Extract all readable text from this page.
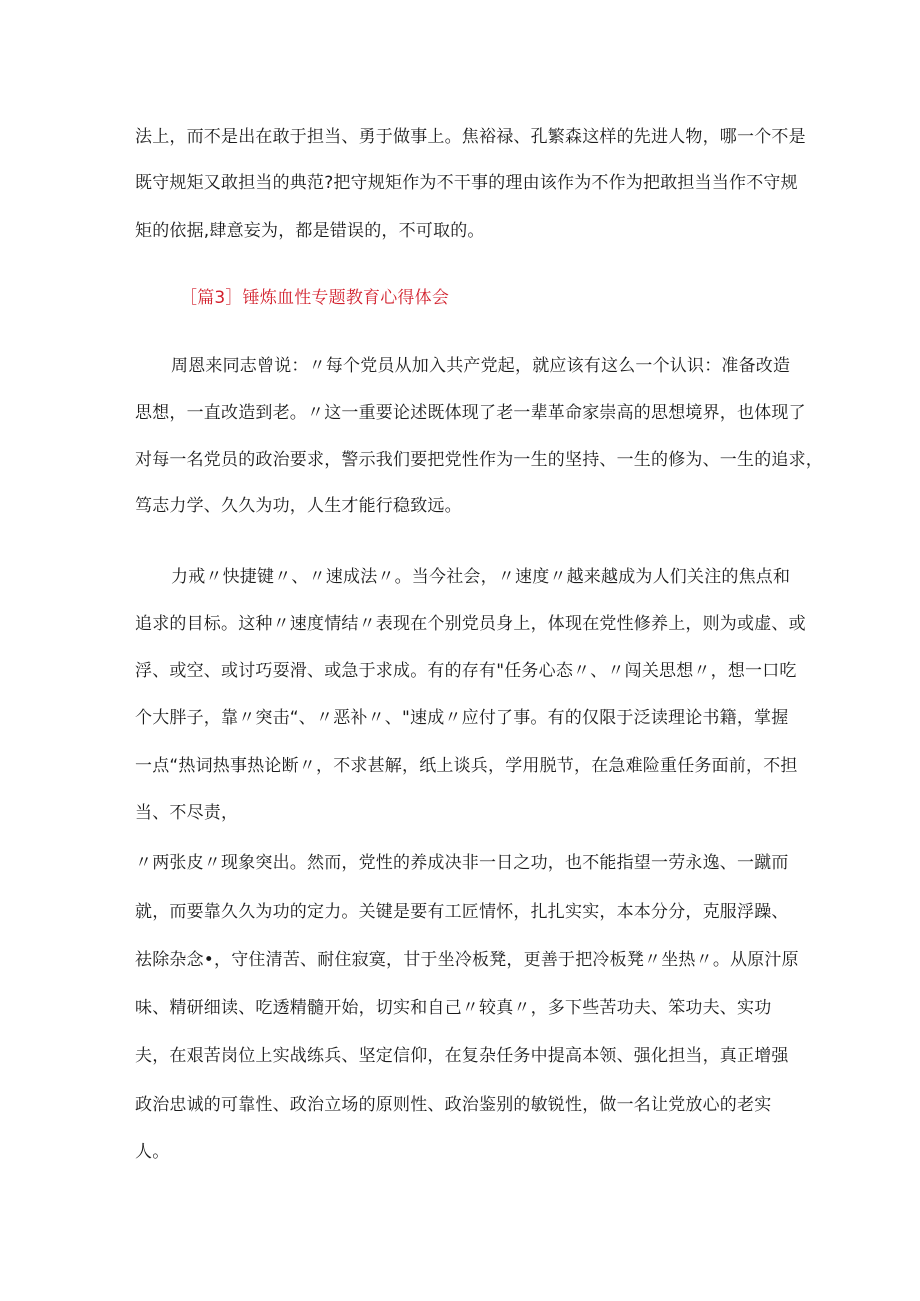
法上，而不是出在敢于担当、勇于做事上。焦裕禄、孔繁森这样的先进人物，哪一个不是
既守规矩又敢担当的典范?把守规矩作为不干事的理由该作为不作为把敢担当当作不守规
矩的依据,肆意妄为，都是错误的，不可取的。
［篇3］锤炼血性专题教育心得体会
周恩来同志曾说：〃每个党员从加入共产党起，就应该有这么一个认识：准备改造
思想，一直改造到老。〃这一重要论述既体现了老一辈革命家崇高的思想境界，也体现了
对每一名党员的政治要求，警示我们要把党性作为一生的坚持、一生的修为、一生的追求，
笃志力学、久久为功，人生才能行稳致远。
力戒〃快捷键〃、〃速成法〃。当今社会，〃速度〃越来越成为人们关注的焦点和
追求的目标。这种〃速度情结〃表现在个别党员身上，体现在党性修养上，则为或虚、或
浮、或空、或讨巧耍滑、或急于求成。有的存有"任务心态〃、〃闯关思想〃，想一口吃
个大胖子，靠〃突击“、〃恶补〃、"速成〃应付了事。有的仅限于泛读理论书籍，掌握
一点“热词热事热论断〃，不求甚解，纸上谈兵，学用脱节，在急难险重任务面前，不担
当、不尽责，
〃两张皮〃现象突出。然而，党性的养成决非一日之功，也不能指望一劳永逸、一蹴而
就，而要靠久久为功的定力。关键是要有工匠情怀，扎扎实实，本本分分，克服浮躁、
祛除杂念•，守住清苦、耐住寂寞，甘于坐冷板凳，更善于把冷板凳〃坐热〃。从原汁原
味、精研细读、吃透精髓开始，切实和自己〃较真〃，多下些苦功夫、笨功夫、实功
夫，在艰苦岗位上实战练兵、坚定信仰，在复杂任务中提高本领、强化担当，真正增强
政治忠诚的可靠性、政治立场的原则性、政治鉴别的敏锐性，做一名让党放心的老实
人。
